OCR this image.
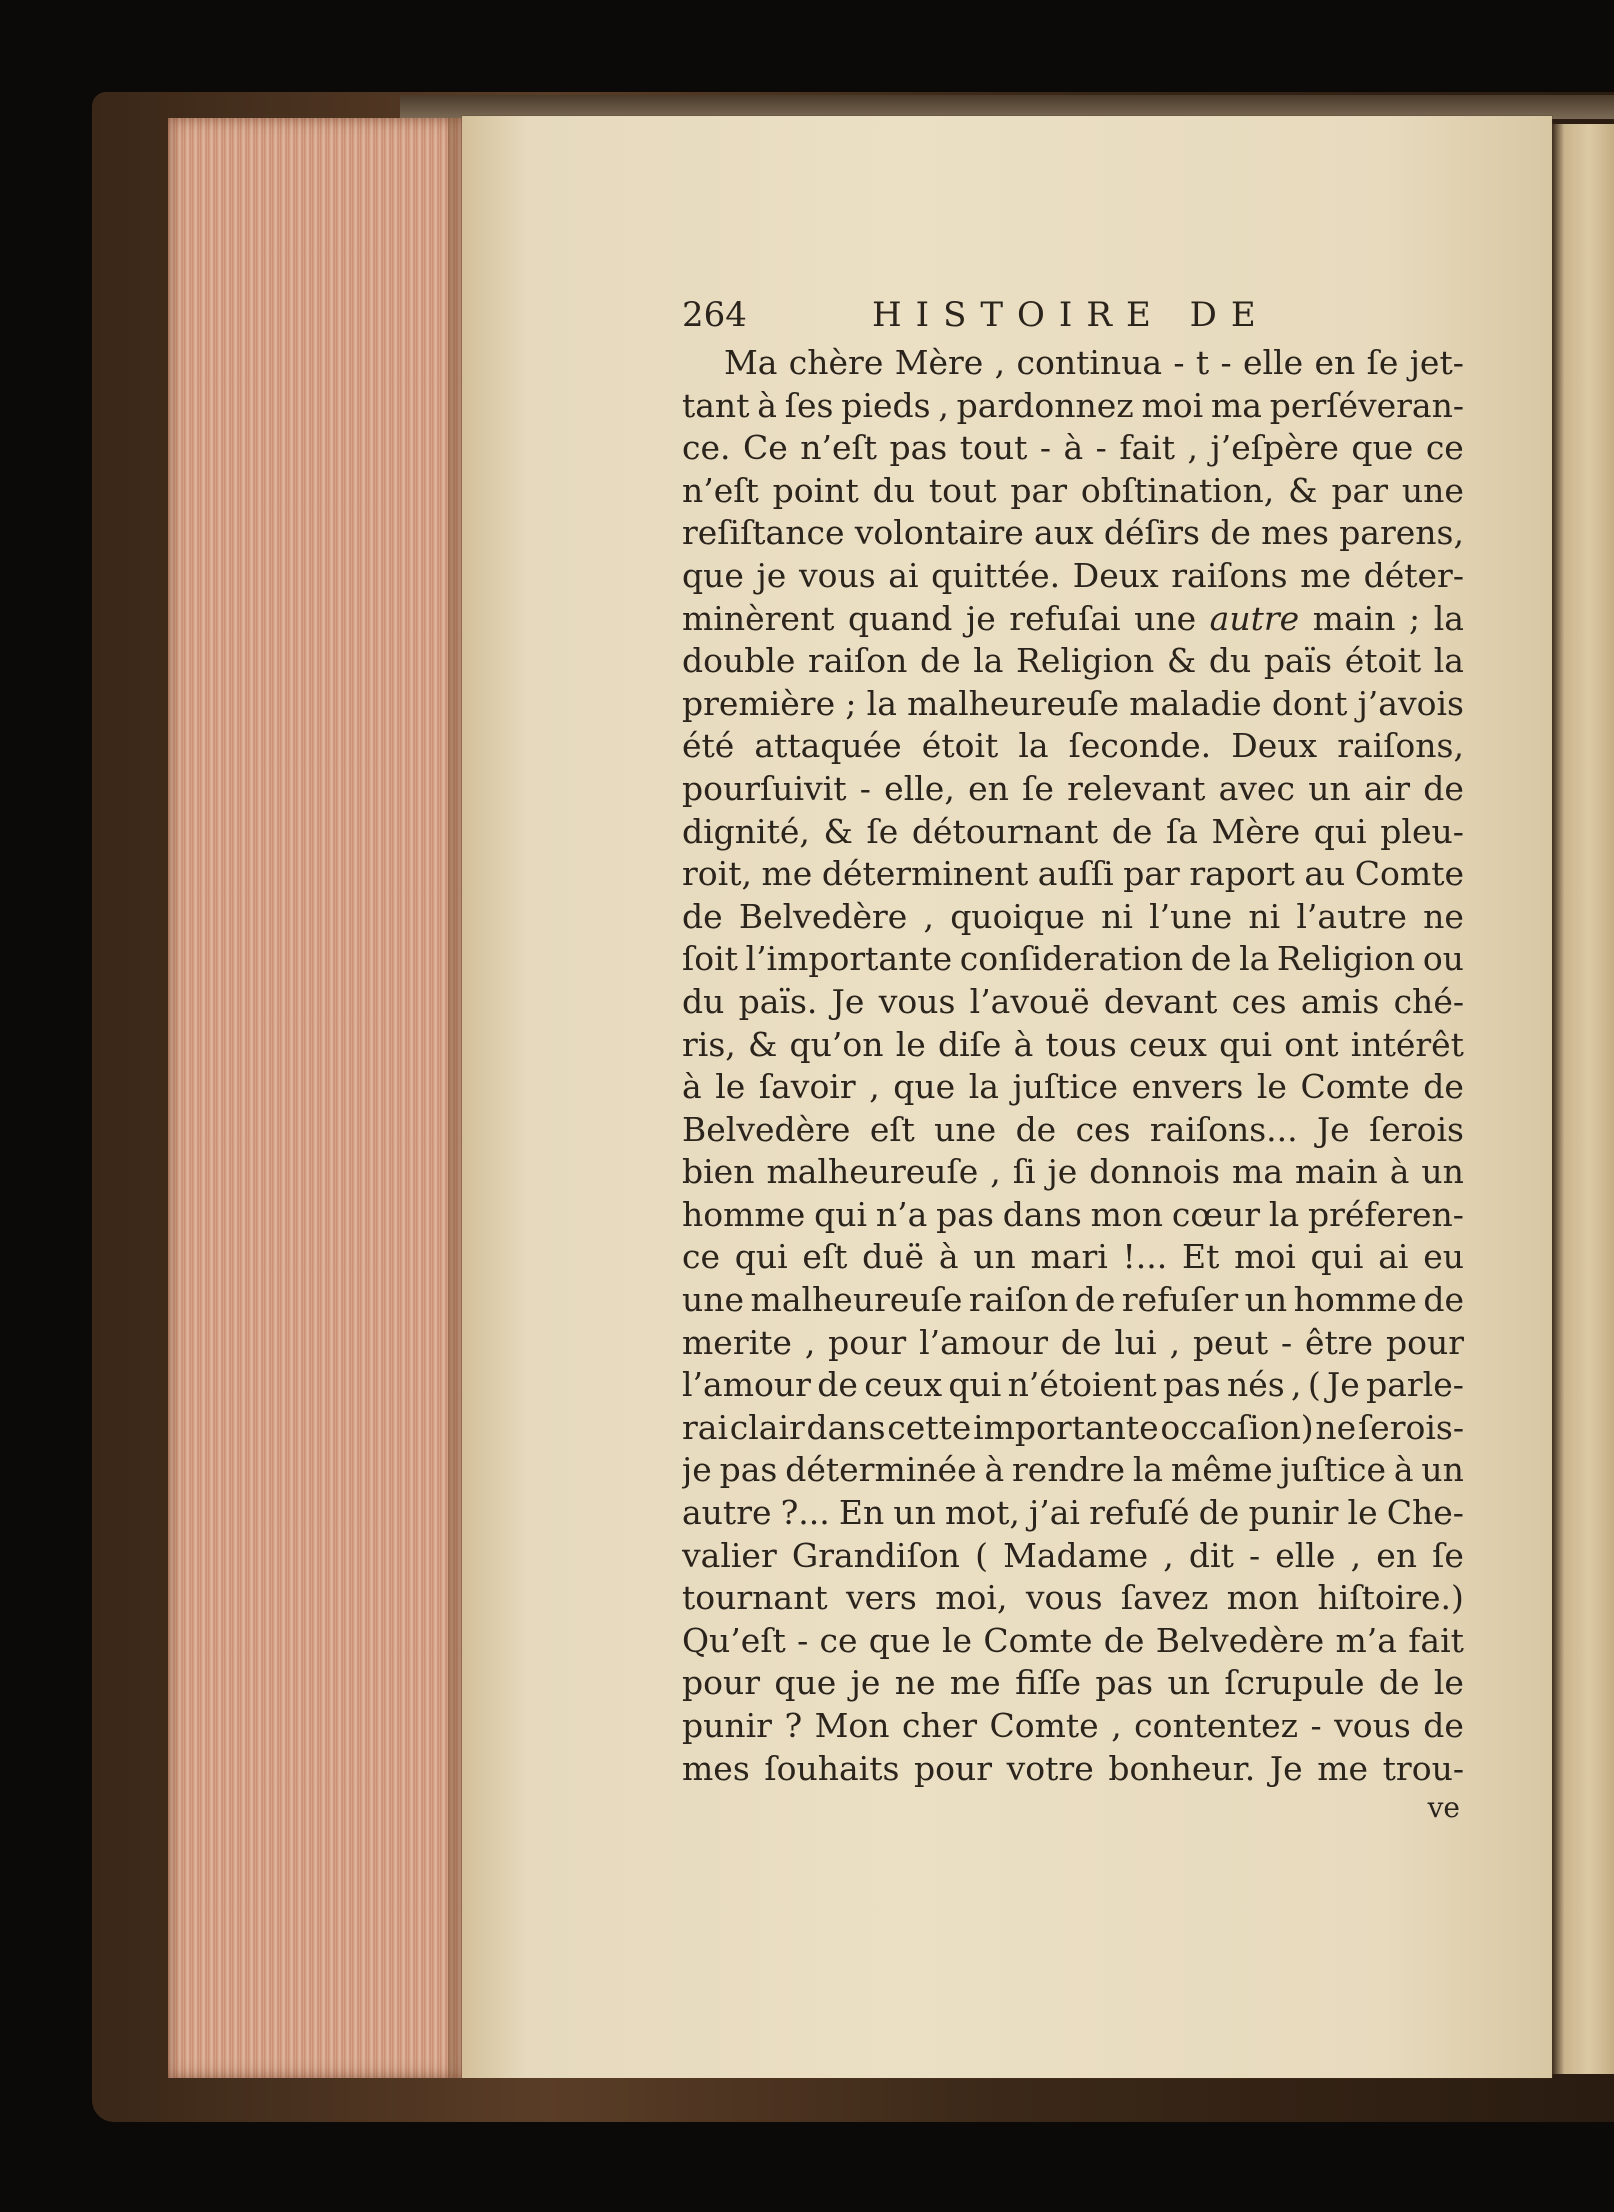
264	HISTOIRE DE
Ma chère Mère , continua - t - elle en ſe jet-
tant à ſes pieds , pardonnez moi ma perſéveran-
ce. Ce n’eſt pas tout - à - fait , j’eſpère que ce
n’eſt point du tout par obſtination, & par une
reſiſtance volontaire aux déſirs de mes parens,
que je vous ai quittée. Deux raiſons me déter-
minèrent quand je refuſai une autre main ; la
double raiſon de la Religion & du païs étoit la
première ; la malheureuſe maladie dont j’avois
été attaquée étoit la ſeconde. Deux raiſons,
pourſuivit - elle, en ſe relevant avec un air de
dignité, & ſe détournant de ſa Mère qui pleu-
roit, me déterminent auſſi par raport au Comte
de Belvedère , quoique ni l’une ni l’autre ne
ſoit l’importante conſideration de la Religion ou
du païs. Je vous l’avouë devant ces amis ché-
ris, & qu’on le diſe à tous ceux qui ont intérêt
à le ſavoir , que la juſtice envers le Comte de
Belvedère eſt une de ces raiſons... Je ſerois
bien malheureuſe , ſi je donnois ma main à un
homme qui n’a pas dans mon cœur la préferen-
ce qui eſt duë à un mari !... Et moi qui ai eu
une malheureuſe raiſon de refuſer un homme de
merite , pour l’amour de lui , peut - être pour
l’amour de ceux qui n’étoient pas nés , ( Je parle-
rai clair dans cette importante occaſion) ne ſerois-
je pas déterminée à rendre la même juſtice à un
autre ?... En un mot, j’ai refuſé de punir le Che-
valier Grandiſon ( Madame , dit - elle , en ſe
tournant vers moi, vous ſavez mon hiſtoire.)
Qu’eſt - ce que le Comte de Belvedère m’a fait
pour que je ne me fiſſe pas un ſcrupule de le
punir ? Mon cher Comte , contentez - vous de
mes ſouhaits pour votre bonheur. Je me trou-
ve
